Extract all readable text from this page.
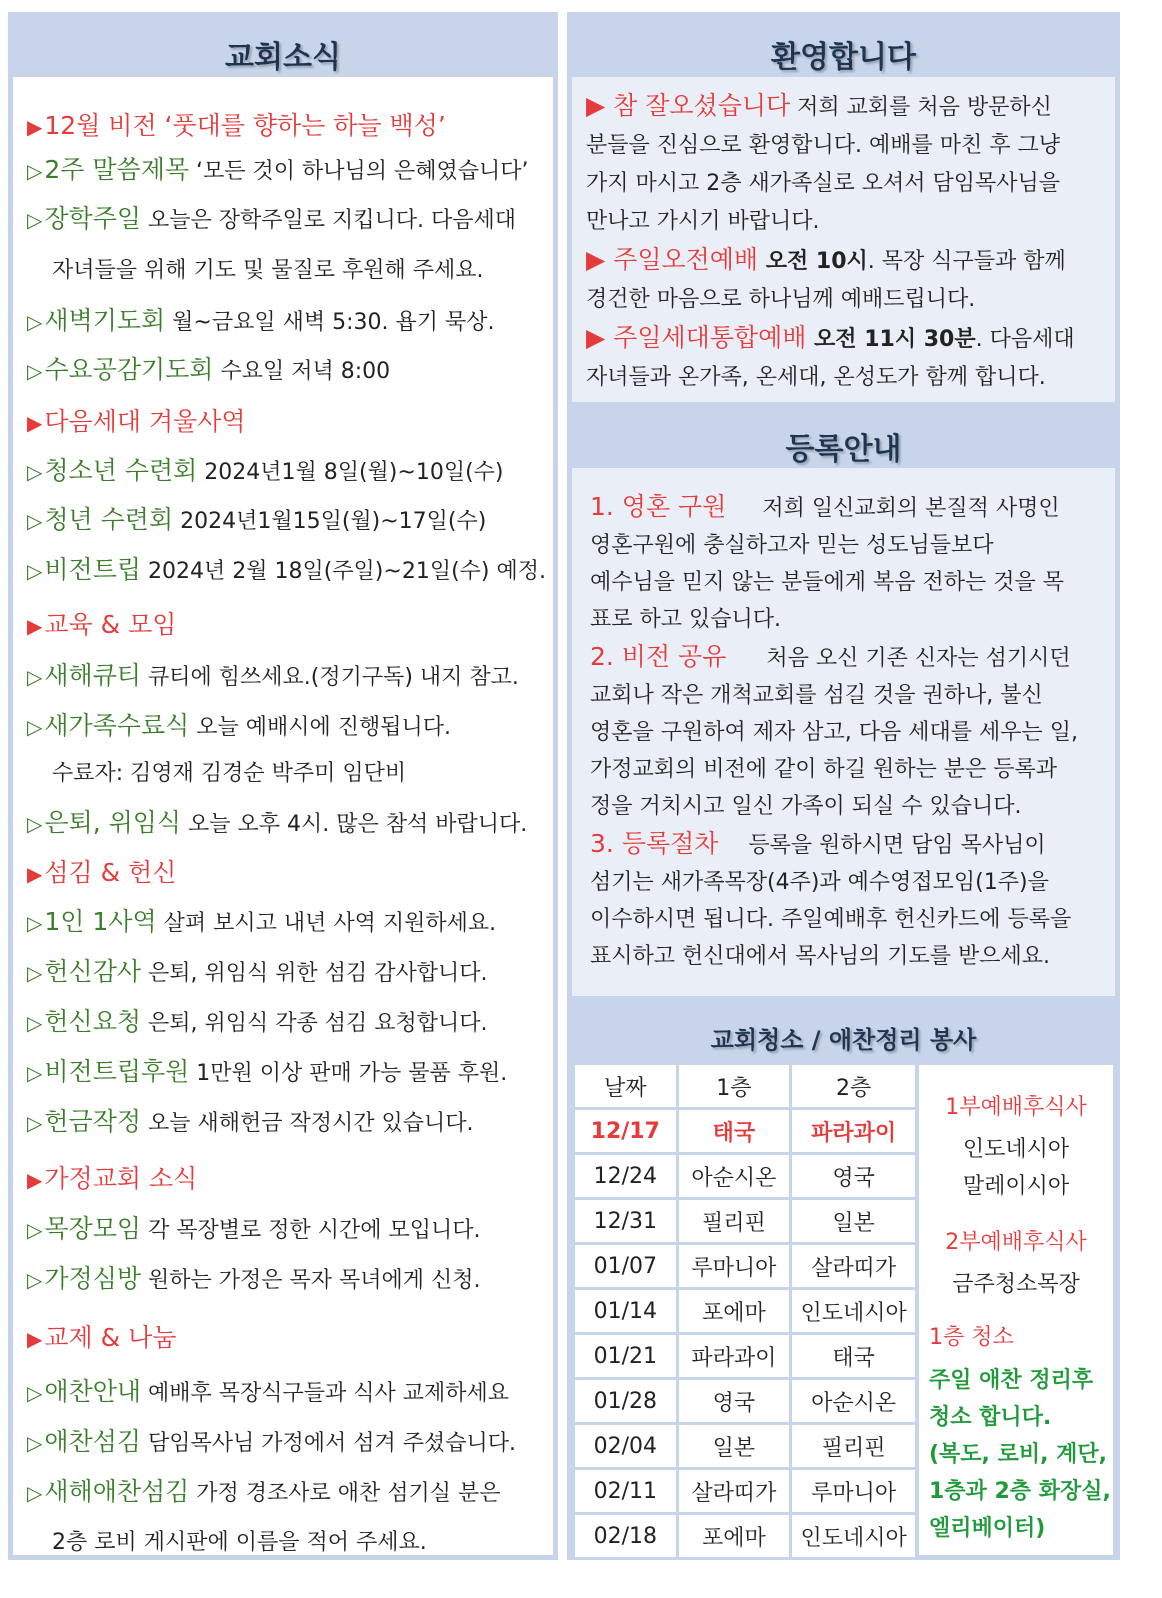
교회소식
▶12월 비전 ‘풋대를 향하는 하늘 백성’
▷2주 말씀제목 ‘모든 것이 하나님의 은혜였습니다’
▷장학주일 오늘은 장학주일로 지킵니다. 다음세대
자녀들을 위해 기도 및 물질로 후원해 주세요.
▷새벽기도회 월~금요일 새벽 5:30. 욥기 묵상.
▷수요공감기도회 수요일 저녁 8:00
▶다음세대 겨울사역
▷청소년 수련회 2024년1월 8일(월)~10일(수)
▷청년 수련회 2024년1월15일(월)~17일(수)
▷비전트립 2024년 2월 18일(주일)~21일(수) 예정.
▶교육 & 모임
▷새해큐티 큐티에 힘쓰세요.(정기구독) 내지 참고.
▷새가족수료식 오늘 예배시에 진행됩니다.
수료자: 김영재 김경순 박주미 임단비
▷은퇴, 위임식 오늘 오후 4시. 많은 참석 바랍니다.
▶섬김 & 헌신
▷1인 1사역 살펴 보시고 내년 사역 지원하세요.
▷헌신감사 은퇴, 위임식 위한 섬김 감사합니다.
▷헌신요청 은퇴, 위임식 각종 섬김 요청합니다.
▷비전트립후원 1만원 이상 판매 가능 물품 후원.
▷헌금작정 오늘 새해헌금 작정시간 있습니다.
▶가정교회 소식
▷목장모임 각 목장별로 정한 시간에 모입니다.
▷가정심방 원하는 가정은 목자 목녀에게 신청.
▶교제 & 나눔
▷애찬안내 예배후 목장식구들과 식사 교제하세요
▷애찬섬김 담임목사님 가정에서 섬겨 주셨습니다.
▷새해애찬섬김 가정 경조사로 애찬 섬기실 분은
2층 로비 게시판에 이름을 적어 주세요.
환영합니다
▶ 참 잘오셨습니다 저희 교회를 처음 방문하신
분들을 진심으로 환영합니다. 예배를 마친 후 그냥
가지 마시고 2층 새가족실로 오셔서 담임목사님을
만나고 가시기 바랍니다.
▶ 주일오전예배 오전 10시. 목장 식구들과 함께
경건한 마음으로 하나님께 예배드립니다.
▶ 주일세대통합예배 오전 11시 30분. 다음세대
자녀들과 온가족, 온세대, 온성도가 함께 합니다.
등록안내
1. 영혼 구원 저희 일신교회의 본질적 사명인
영혼구원에 충실하고자 믿는 성도님들보다
예수님을 믿지 않는 분들에게 복음 전하는 것을 목
표로 하고 있습니다.
2. 비전 공유 처음 오신 기존 신자는 섬기시던
교회나 작은 개척교회를 섬길 것을 권하나, 불신
영혼을 구원하여 제자 삼고, 다음 세대를 세우는 일,
가정교회의 비전에 같이 하길 원하는 분은 등록과
정을 거치시고 일신 가족이 되실 수 있습니다.
3. 등록절차 등록을 원하시면 담임 목사님이
섬기는 새가족목장(4주)과 예수영접모임(1주)을
이수하시면 됩니다. 주일예배후 헌신카드에 등록을
표시하고 헌신대에서 목사님의 기도를 받으세요.
교회청소 / 애찬정리 봉사
날짜	1층	2층
12/17	태국	파라과이
12/24	아순시온	영국
12/31	필리핀	일본
01/07	루마니아	살라띠가
01/14	포에마	인도네시아
01/21	파라과이	태국
01/28	영국	아순시온
02/04	일본	필리핀
02/11	살라띠가	루마니아
02/18	포에마	인도네시아
1부예배후식사
인도네시아
말레이시아
2부예배후식사
금주청소목장
1층 청소
주일 애찬 정리후
청소 합니다.
(복도, 로비, 계단,
1층과 2층 화장실,
엘리베이터)
